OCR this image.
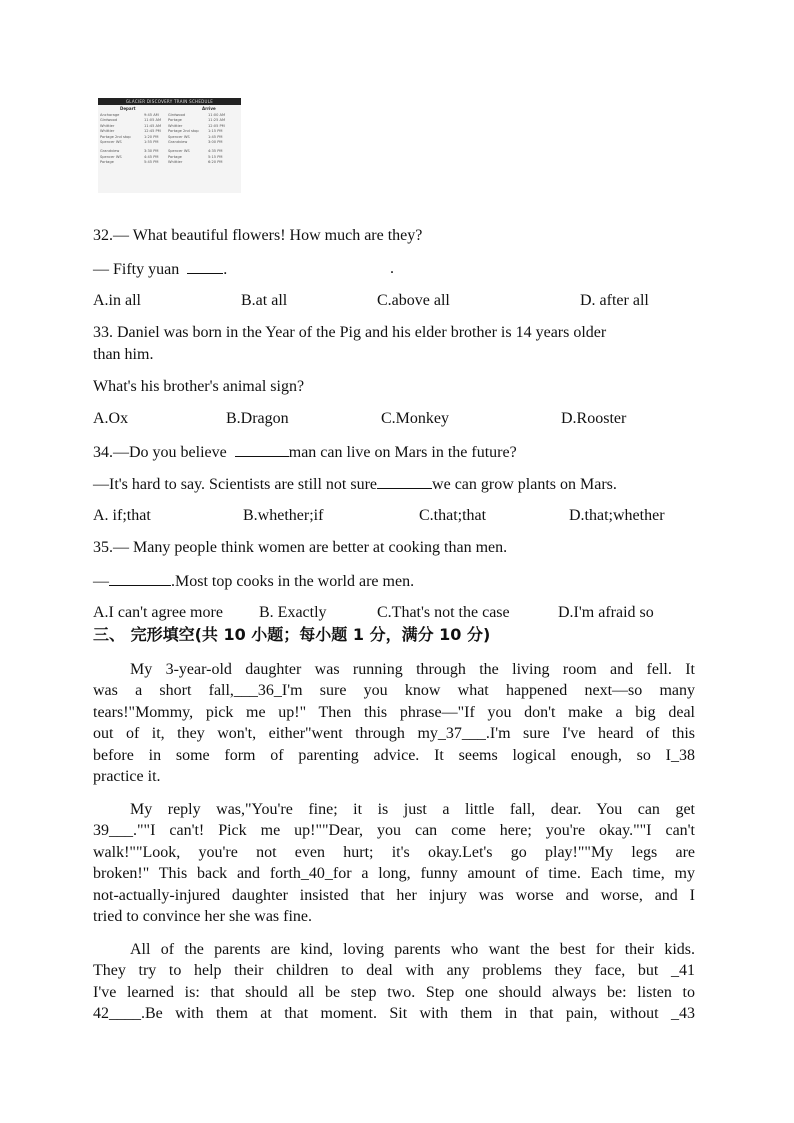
GLACIER DISCOVERY TRAIN SCHEDULE
Depart	Arrive
Anchorage	9:45 AM	Girdwood	11:00 AM
Girdwood	11:05 AM	Portage	11:25 AM
Whittier	11:45 AM	Whittier	12:05 PM
Whittier	12:45 PM	Portage 2nd stop	1:15 PM
Portage 2nd stop	1:20 PM	Spencer WS	1:45 PM
Spencer WS	1:55 PM	Grandview	3:00 PM
Grandview	3:30 PM	Spencer WS	4:35 PM
Spencer WS	4:45 PM	Portage	5:15 PM
Portage	5:45 PM	Whittier	6:20 PM
32.— What beautiful flowers! How much are they?
— Fifty yuan	.	.
A.in all	B.at all	C.above all	D. after all
33. Daniel was born in the Year of the Pig and his elder brother is 14 years older
than him.
What's his brother's animal sign?
A.Ox	B.Dragon	C.Monkey	D.Rooster
34.—Do you believe	man can live on Mars in the future?
—It's hard to say. Scientists are still not sure	we can grow plants on Mars.
A. if;that	B.whether;if	C.that;that	D.that;whether
35.— Many people think women are better at cooking than men.
—	.Most top cooks in the world are men.
A.I can't agree more B. Exactly	C.That's not the case	D.I'm afraid so
三、 完形填空(共 10 小题；每小题 1 分，满分 10 分)
My 3-year-old daughter was running through the living room and fell. It
was a short fall,___36_I'm sure you know what happened next—so many
tears!"Mommy, pick me up!" Then this phrase—"If you don't make a big deal
out of it, they won't, either"went through my_37___.I'm sure I've heard of this
before in some form of parenting advice. It seems logical enough, so I_38
practice it.
My reply was,"You're fine; it is just a little fall, dear. You can get
39___.""I can't! Pick me up!""Dear, you can come here; you're okay.""I can't
walk!""Look, you're not even hurt; it's okay.Let's go play!""My legs are
broken!" This back and forth_40_for a long, funny amount of time. Each time, my
not-actually-injured daughter insisted that her injury was worse and worse, and I
tried to convince her she was fine.
All of the parents are kind, loving parents who want the best for their kids.
They try to help their children to deal with any problems they face, but _41
I've learned is: that should all be step two. Step one should always be: listen to
42____.Be with them at that moment. Sit with them in that pain, without _43
